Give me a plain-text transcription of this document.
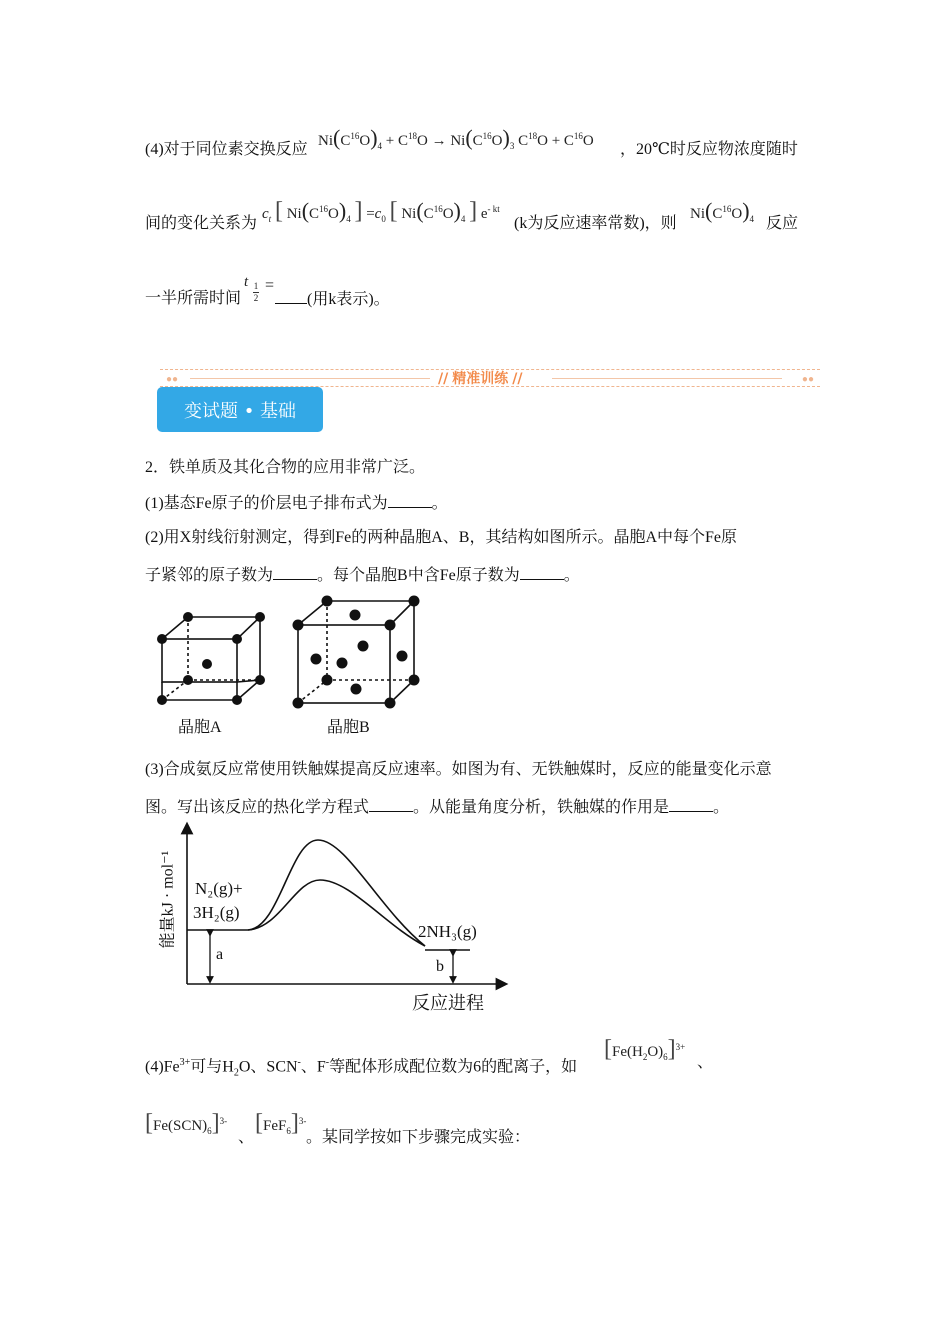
(4)对于同位素交换反应 $Ni(C^{16}O)_4 + C^{18}O \to Ni(C^{16}O)_3$ $C^{18}O + C^{16}O$ ，20℃时反应物浓度随时
间的变化关系为
$c_t$ [ $Ni(C^{16}O)_4$ ] $=c_0$ [ $Ni(C^{16}O)_4$ ] $e^{- kt}$
(k为反应速率常数)，则
$Ni(C^{16}O)_4$ 反应
一半所需时间
t 1

2
=
(用k表示)。
●●	●●
// 精准训练 //
变试题 • 基础
2．铁单质及其化合物的应用非常广泛。
(1)基态Fe原子的价层电子排布式为	。
(2)用X射线衍射测定，得到Fe的两种晶胞A、B，其结构如图所示。晶胞A中每个Fe原
子紧邻的原子数为	。每个晶胞B中含Fe原子数为	。
晶胞A	晶胞B
(3)合成氨反应常使用铁触媒提高反应速率。如图为有、无铁触媒时，反应的能量变化示意
图。写出该反应的热化学方程式	。从能量角度分析，铁触媒的作用是	。
能量kJ · mol⁻¹
反应进程
N₂(g)+
3H₂(g)
2NH₃(g)
a
b
$(4)Fe^{3+}$可与$H_2O$、SCN-、F-等配体形成配位数为6的配离子，如
$[Fe(H_2O)_6]^{3+}$
、
$[Fe(SCN)_6]^{3-}$
、
$[FeF_6]^{3-}$
。某同学按如下步骤完成实验：
